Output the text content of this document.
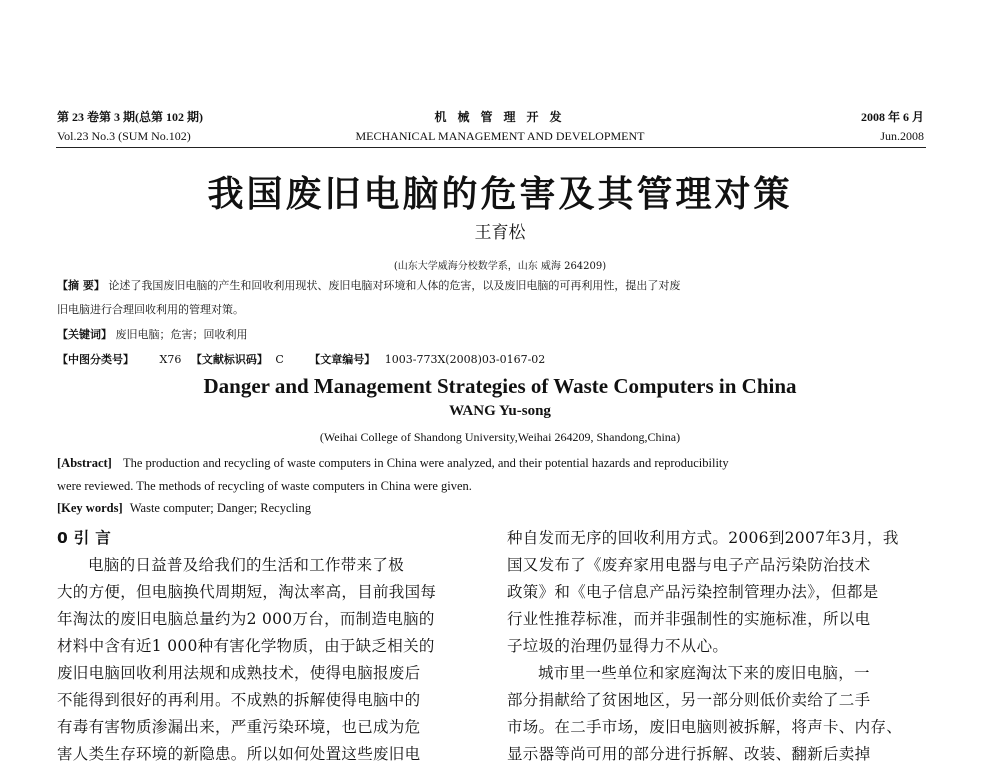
第 23 卷第 3 期(总第 102 期)
Vol.23 No.3 (SUM No.102)
机 械 管 理 开 发
MECHANICAL MANAGEMENT AND DEVELOPMENT
2008 年 6 月
Jun.2008
我国废旧电脑的危害及其管理对策
王育松
(山东大学威海分校数学系，山东 威海 264209)
【摘 要】 论述了我国废旧电脑的产生和回收利用现状、废旧电脑对环境和人体的危害，以及废旧电脑的可再利用性，提出了对废
旧电脑进行合理回收利用的管理对策。
【关键词】 废旧电脑；危害；回收利用
【中图分类号】 X76 【文献标识码】 C 【文章编号】 1003-773X(2008)03-0167-02
Danger and Management Strategies of Waste Computers in China
WANG Yu-song
(Weihai College of Shandong University,Weihai 264209, Shandong,China)
[Abstract] The production and recycling of waste computers in China were analyzed, and their potential hazards and reproducibility
were reviewed. The methods of recycling of waste computers in China were given.
[Key words] Waste computer; Danger; Recycling
0 引 言
电脑的日益普及给我们的生活和工作带来了极
大的方便，但电脑换代周期短，淘汰率高，目前我国每
年淘汰的废旧电脑总量约为2 000万台，而制造电脑的
材料中含有近1 000种有害化学物质，由于缺乏相关的
废旧电脑回收利用法规和成熟技术，使得电脑报废后
不能得到很好的再利用。不成熟的拆解使得电脑中的
有毒有害物质渗漏出来，严重污染环境，也已成为危
害人类生存环境的新隐患。所以如何处置这些废旧电
种自发而无序的回收利用方式。2006到2007年3月，我
国又发布了《废弃家用电器与电子产品污染防治技术
政策》和《电子信息产品污染控制管理办法》，但都是
行业性推荐标准，而并非强制性的实施标准，所以电
子垃圾的治理仍显得力不从心。
城市里一些单位和家庭淘汰下来的废旧电脑，一
部分捐献给了贫困地区，另一部分则低价卖给了二手
市场。在二手市场，废旧电脑则被拆解，将声卡、内存、
显示器等尚可用的部分进行拆解、改装、翻新后卖掉
